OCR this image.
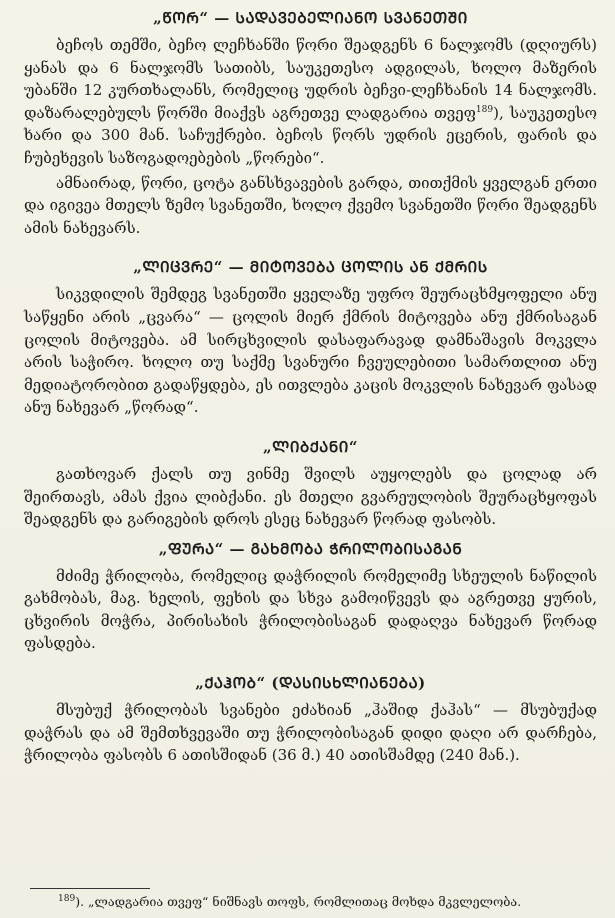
„ᲬᲝᲠ“ — ᲡᲐᲓᲐᲕᲔᲑᲔᲚᲘᲐᲜᲝ ᲡᲕᲐᲜᲔᲗᲨᲘ

ბეჩოს თემში, ბეჩო ლეჩხანში წორი შეადგენს 6 ნალჯომს (დღიურს) ყანას და 6 ნალჯომს სათიბს, საუკეთესო ადგილას, ხოლო მაზერის უბანში 12 კურთხალანს, რომელიც უდრის ბეჩვი-ლეჩხანის 14 ნალჯომს. დაზარალებულს წორში მიაქვს აგრეთვე ლადგარია თვეფ$^{189}$), საუკეთესო ხარი და 300 მან. საჩუქრები. ბეჩოს წორს უდრის ეცერის, ფარის და ჩუბეხევის საზოგადოებების „წორები“.

ამნაირად, წორი, ცოტა განსხვავების გარდა, თითქმის ყველგან ერთი და იგივეა მთელს ზემო სვანეთში, ხოლო ქვემო სვანეთში წორი შეადგენს ამის ნახევარს.

„ᲚᲘᲪᲕᲠᲔ“ — ᲛᲘᲢᲝᲕᲔᲑᲐ ᲪᲝᲚᲘᲡ ᲐᲜ ᲥᲛᲠᲘᲡ

სიკვდილის შემდეგ სვანეთში ყველაზე უფრო შეურაცხმყოფელი ანუ საწყენი არის „ცვარა“ — ცოლის მიერ ქმრის მიტოვება ანუ ქმრისაგან ცოლის მიტოვება. ამ სირცხვილის დასაფარავად დამნაშავის მოკვლა არის საჭირო. ხოლო თუ საქმე სვანური ჩვეულებითი სამართლით ანუ მედიატორობით გადაწყდება, ეს ითვლება კაცის მოკვლის ნახევარ ფასად ანუ ნახევარ „წორად“.

„ᲚᲘᲑᲥᲐᲜᲘ“

გათხოვარ ქალს თუ ვინმე შვილს აუყოლებს და ცოლად არ შეირთავს, ამას ქვია ლიბქანი. ეს მთელი გვარეულობის შეურაცხყოფას შეადგენს და გარიგების დროს ესეც ნახევარ წორად ფასობს.

„ᲤᲣᲠᲐ“ — ᲒᲐᲮᲛᲝᲑᲐ ᲭᲠᲘᲚᲝᲑᲘᲡᲐᲒᲐᲜ

მძიმე ჭრილობა, რომელიც დაჭრილის რომელიმე სხეულის ნაწილის გახმობას, მაგ. ხელის, ფეხის და სხვა გამოიწვევს და აგრეთვე ყურის, ცხვირის მოჭრა, პირისახის ჭრილობისაგან დადაღვა ნახევარ წორად ფასდება.

„ᲥᲐᲰᲝᲑ“ (ᲓᲐᲡᲘᲡᲮᲚᲘᲐᲜᲔᲑᲐ)

მსუბუქ ჭრილობას სვანები ეძახიან „ჰაშიდ ქაჰას“ — მსუბუქად დაჭრას და ამ შემთხვევაში თუ ჭრილობისაგან დიდი დაღი არ დარჩება, ჭრილობა ფასობს 6 ათისშიდან (36 მ.) 40 ათისშამდე (240 მან.).

$^{189}$). „ლადგარია თვეფ“ ნიშნავს თოფს, რომლითაც მოხდა მკვლელობა.
